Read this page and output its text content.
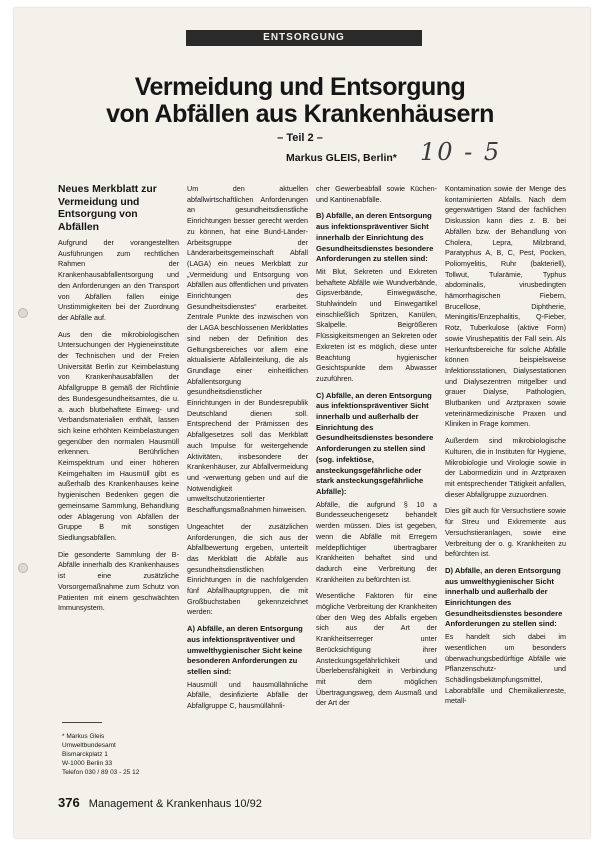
ENTSORGUNG
Vermeidung und Entsorgung
von Abfällen aus Krankenhäusern
– Teil 2 –
Markus GLEIS, Berlin* 10 - 5
Neues Merkblatt zur Vermeidung und Entsorgung von Abfällen

Aufgrund der vorangestellten Ausführungen zum rechtlichen Rahmen der Krankenhausabfallentsorgung und den Anforderungen an den Transport von Abfällen fallen einige Unstimmigkeiten bei der Zuordnung der Abfälle auf.

Aus den die mikrobiologischen Untersuchungen der Hygieneinstitute der Technischen und der Freien Universität Berlin zur Keimbelastung von Krankenhausabfällen der Abfallgruppe B gemäß der Richtlinie des Bundesgesundheitsamtes, die u. a. auch blutbehaftete Einweg- und Verbandsmaterialien enthält, lassen sich keine erhöhten Keimbelastungen gegenüber den normalen Hausmüll erkennen. Berührlichen Keimspektrum und einer höheren Keimgehalten im Hausmüll gibt es außerhalb des Krankenhauses keine hygienischen Bedenken gegen die gemeinsame Sammlung, Behandlung oder Ablagerung von Abfällen der Gruppe B mit sonstigen Siedlungsabfällen.

Die gesonderte Sammlung der B-Abfälle innerhalb des Krankenhauses ist eine zusätzliche Vorsorgemaßnahme zum Schutz von Patienten mit einem geschwächten Immunsystem.

Um den aktuellen abfallwirtschaftlichen Anforderungen an gesundheitsdienstliche Einrichtungen besser gerecht werden zu können, hat eine Bund-Länder-Arbeitsgruppe der Länderarbeitsgemeinschaft Abfall (LAGA) ein neues Merkblatt zur „Vermeidung und Entsorgung von Abfällen aus öffentlichen und privaten Einrichtungen des Gesundheitsdienstes“ erarbeitet. Zentrale Punkte des inzwischen von der LAGA beschlossenen Merkblattes sind neben der Definition des Geltungsbereiches vor allem eine aktualisierte Abfalleinteilung, die als Grundlage einer einheitlichen Abfallentsorgung gesundheitsdienstlicher Einrichtungen in der Bundesrepublik Deutschland dienen soll. Entsprechend der Prämissen des Abfallgesetzes soll das Merkblatt auch Impulse für weitergehende Aktivitäten, insbesondere der Krankenhäuser, zur Abfallvermeidung und -verwertung geben und auf die Notwendigkeit umweltschutzorientierter Beschaffungsmaßnahmen hinweisen.

Ungeachtet der zusätzlichen Anforderungen, die sich aus der Abfallbewertung ergeben, unterteilt das Merkblatt die Abfälle aus gesundheitsdienstlichen Einrichtungen in die nachfolgenden fünf Abfallhauptgruppen, die mit Großbuchstaben gekennzeichnet werden:

A) Abfälle, an deren Entsorgung aus infektionspräventiver und umwelthygienischer Sicht keine besonderen Anforderungen zu stellen sind:

Hausmüll und hausmüllähnliche Abfälle, desinfizierte Abfälle der Abfallgruppe C, hausmüllähnli-

cher Gewerbeabfall sowie Küchen- und Kantinenabfälle.

B) Abfälle, an deren Entsorgung aus infektionspräventiver Sicht innerhalb der Einrichtung des Gesundheitsdienstes besondere Anforderungen zu stellen sind:

Mit Blut, Sekreten und Exkreten behaftete Abfälle wie Wundverbände, Gipsverbände, Einwegwäsche, Stuhlwindeln und Einwegartikel einschließlich Spritzen, Kanülen, Skalpelle. Beigrößeren Flüssigkeitsmengen an Sekreten oder Exkreten ist es möglich, diese unter Beachtung hygienischer Gesichtspunkte dem Abwasser zuzuführen.

C) Abfälle, an deren Entsorgung aus infektionspräventiver Sicht innerhalb und außerhalb der Einrichtung des Gesundheitsdienstes besondere Anforderungen zu stellen sind (sog. infektiöse, ansteckungsgefährliche oder stark ansteckungsgefährliche Abfälle):

Abfälle, die aufgrund § 10 a Bundesseuchengesetz behandelt werden müssen. Dies ist gegeben, wenn die Abfälle mit Erregern meldepflichtiger übertragbarer Krankheiten behaftet sind und dadurch eine Verbreitung der Krankheiten zu befürchten ist.

Wesentliche Faktoren für eine mögliche Verbreitung der Krankheiten über den Weg des Abfalls ergeben sich aus der Art der Krankheitserreger unter Berücksichtigung ihrer Ansteckungsgefährlichkeit und Überlebensfähigkeit in Verbindung mit dem möglichen Übertragungsweg, dem Ausmaß und der Art der

Kontamination sowie der Menge des kontaminierten Abfalls. Nach dem gegenwärtigen Stand der fachlichen Diskussion kann dies z. B. bei Abfällen bzw. der Behandlung von Cholera, Lepra, Milzbrand, Paratyphus A, B, C, Pest, Pocken, Poliomyelitis, Ruhr (bakteriell), Tollwut, Tularämie, Typhus abdominalis, virusbedingten hämorrhagischen Fiebern, Brucellose, Diphtherie, Meningitis/Enzephalitis, Q-Fieber, Rotz, Tuberkulose (aktive Form) sowie Virushepatitis der Fall sein. Als Herkunftsbereiche für solche Abfälle können beispielsweise Infektionsstationen, Dialysestationen und Dialysezentren mitgelber und grauer Dialyse, Pathologien, Blutbanken und Arztpraxen sowie veterinärmedizinische Praxen und Kliniken in Frage kommen.

Außerdem sind mikrobiologische Kulturen, die in Instituten für Hygiene, Mikrobiologie und Virologie sowie in der Labormedizin und in Arztpraxen mit entsprechender Tätigkeit anfallen, dieser Abfallgruppe zuzuordnen.

Dies gilt auch für Versuchstiere sowie für Streu und Exkremente aus Versuchstieranlagen, sowie eine Verbreitung der o. g. Krankheiten zu befürchten ist.

D) Abfälle, an deren Entsorgung aus umwelthygienischer Sicht innerhalb und außerhalb der Einrichtungen des Gesundheitsdienstes besondere Anforderungen zu stellen sind:

Es handelt sich dabei im wesentlichen um besonders überwachungsbedürftige Abfälle wie Pflanzenschutz- und Schädlingsbekämpfungsmittel, Laborabfälle und Chemikalienreste, metall-

* Markus Gleis
Umweltbundesamt
Bismarckplatz 1
W-1000 Berlin 33
Telefon 030 / 89 03 - 25 12
376 Management & Krankenhaus 10/92
